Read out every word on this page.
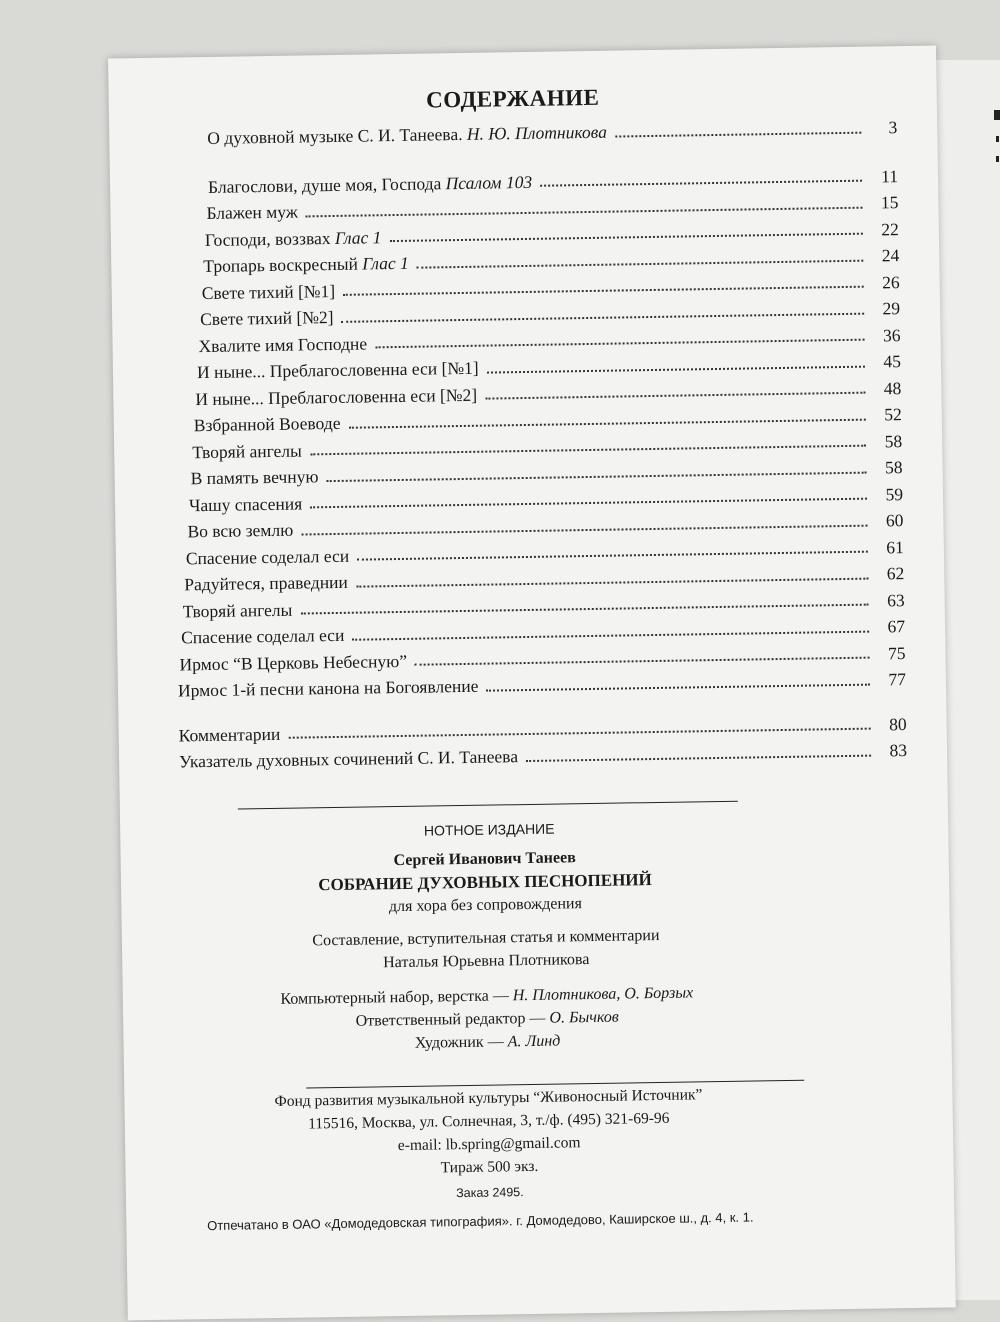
СОДЕРЖАНИЕ
О духовной музыке С. И. Танеева. Н. Ю. Плотникова	3
Благослови, душе моя, Господа Псалом 103	11
Блажен муж	15
Господи, воззвах Глас 1	22
Тропарь воскресный Глас 1	24
Свете тихий [№1]	26
Свете тихий [№2]	29
Хвалите имя Господне	36
И ныне... Преблагословенна еси [№1]	45
И ныне... Преблагословенна еси [№2]	48
Взбранной Воеводе	52
Творяй ангелы	58
В память вечную	58
Чашу спасения	59
Во всю землю	60
Спасение соделал еси	61
Радуйтеся, праведнии	62
Творяй ангелы	63
Спасение соделал еси	67
Ирмос “В Церковь Небесную”	75
Ирмос 1-й песни канона на Богоявление	77
Комментарии	80
Указатель духовных сочинений С. И. Танеева	83
НОТНОЕ ИЗДАНИЕ
Сергей Иванович Танеев
СОБРАНИЕ ДУХОВНЫХ ПЕСНОПЕНИЙ
для хора без сопровождения
Составление, вступительная статья и комментарии
Наталья Юрьевна Плотникова
Компьютерный набор, верстка — Н. Плотникова, О. Борзых
Ответственный редактор — О. Бычков
Художник — А. Линд
Фонд развития музыкальной культуры “Живоносный Источник”
115516, Москва, ул. Солнечная, 3, т./ф. (495) 321-69-96
e-mail: lb.spring@gmail.com
Тираж 500 экз.
Заказ 2495.
Отпечатано в ОАО «Домодедовская типография». г. Домодедово, Каширское ш., д. 4, к. 1.
